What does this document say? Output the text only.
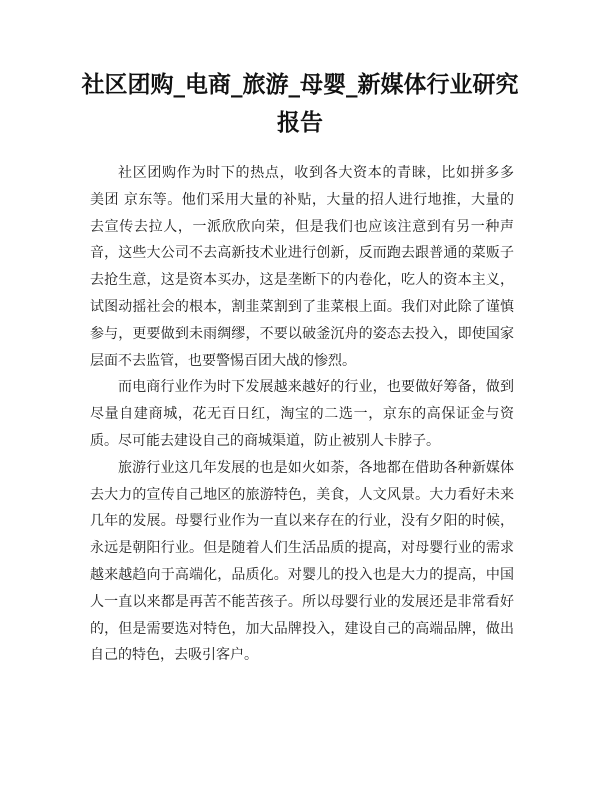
社区团购_电商_旅游_母婴_新媒体行业研究报告

社区团购作为时下的热点，收到各大资本的青睐，比如拼多多 美团 京东等。他们采用大量的补贴，大量的招人进行地推，大量的去宣传去拉人，一派欣欣向荣，但是我们也应该注意到有另一种声音，这些大公司不去高新技术业进行创新，反而跑去跟普通的菜贩子去抢生意，这是资本买办，这是垄断下的内卷化，吃人的资本主义，试图动摇社会的根本，割韭菜割到了韭菜根上面。我们对此除了谨慎参与，更要做到未雨绸缪，不要以破釜沉舟的姿态去投入，即使国家层面不去监管，也要警惕百团大战的惨烈。

而电商行业作为时下发展越来越好的行业，也要做好筹备，做到尽量自建商城，花无百日红，淘宝的二选一，京东的高保证金与资质。尽可能去建设自己的商城渠道，防止被别人卡脖子。

旅游行业这几年发展的也是如火如荼，各地都在借助各种新媒体去大力的宣传自己地区的旅游特色，美食，人文风景。大力看好未来几年的发展。母婴行业作为一直以来存在的行业，没有夕阳的时候，永远是朝阳行业。但是随着人们生活品质的提高，对母婴行业的需求越来越趋向于高端化，品质化。对婴儿的投入也是大力的提高，中国人一直以来都是再苦不能苦孩子。所以母婴行业的发展还是非常看好的，但是需要选对特色，加大品牌投入，建设自己的高端品牌，做出自己的特色，去吸引客户。
